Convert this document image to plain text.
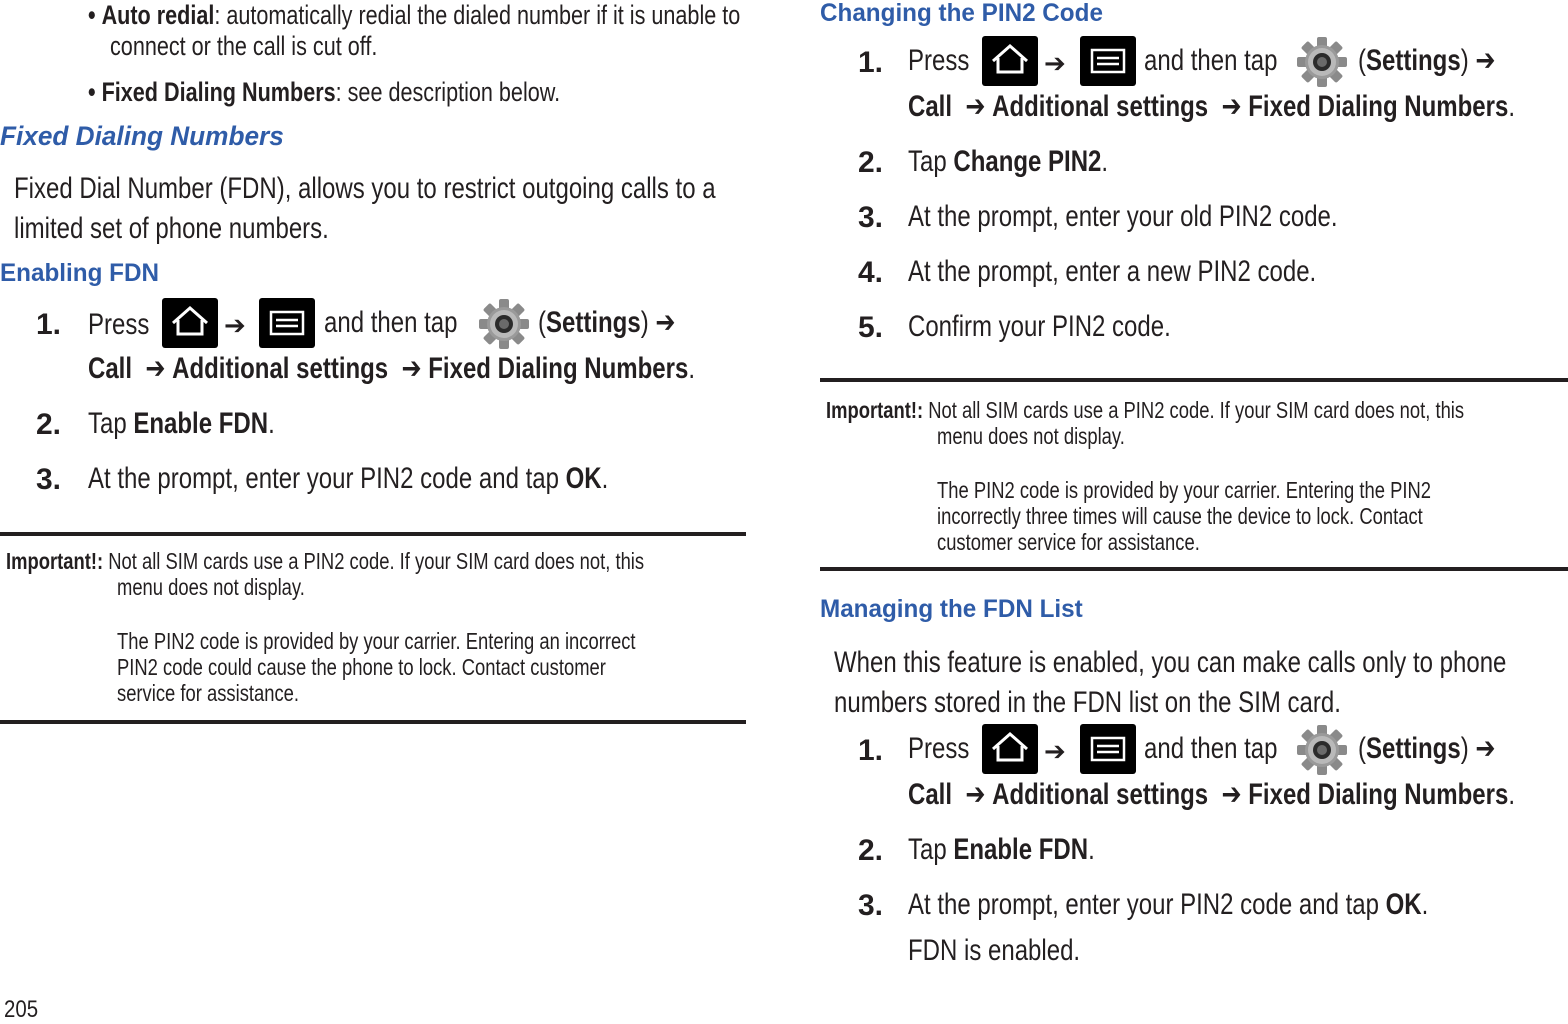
• Auto redial: automatically redial the dialed number if it is unable to
connect or the call is cut off.
• Fixed Dialing Numbers: see description below.
Fixed Dialing Numbers
Fixed Dial Number (FDN), allows you to restrict outgoing calls to a
limited set of phone numbers.
Enabling FDN
1. Press	➔	and then tap	(Settings) ➔
Call ➔ Additional settings ➔ Fixed Dialing Numbers.
2. Tap Enable FDN.
3. At the prompt, enter your PIN2 code and tap OK.
Important!: Not all SIM cards use a PIN2 code. If your SIM card does not, this
menu does not display.
The PIN2 code is provided by your carrier. Entering an incorrect
PIN2 code could cause the phone to lock. Contact customer
service for assistance.
205
Changing the PIN2 Code
1. Press	➔	and then tap	(Settings) ➔
Call ➔ Additional settings ➔ Fixed Dialing Numbers.
2. Tap Change PIN2.
3. At the prompt, enter your old PIN2 code.
4. At the prompt, enter a new PIN2 code.
5. Confirm your PIN2 code.
Important!: Not all SIM cards use a PIN2 code. If your SIM card does not, this
menu does not display.
The PIN2 code is provided by your carrier. Entering the PIN2
incorrectly three times will cause the device to lock. Contact
customer service for assistance.
Managing the FDN List
When this feature is enabled, you can make calls only to phone
numbers stored in the FDN list on the SIM card.
1. Press	➔	and then tap	(Settings) ➔
Call ➔ Additional settings ➔ Fixed Dialing Numbers.
2. Tap Enable FDN.
3. At the prompt, enter your PIN2 code and tap OK.
FDN is enabled.
